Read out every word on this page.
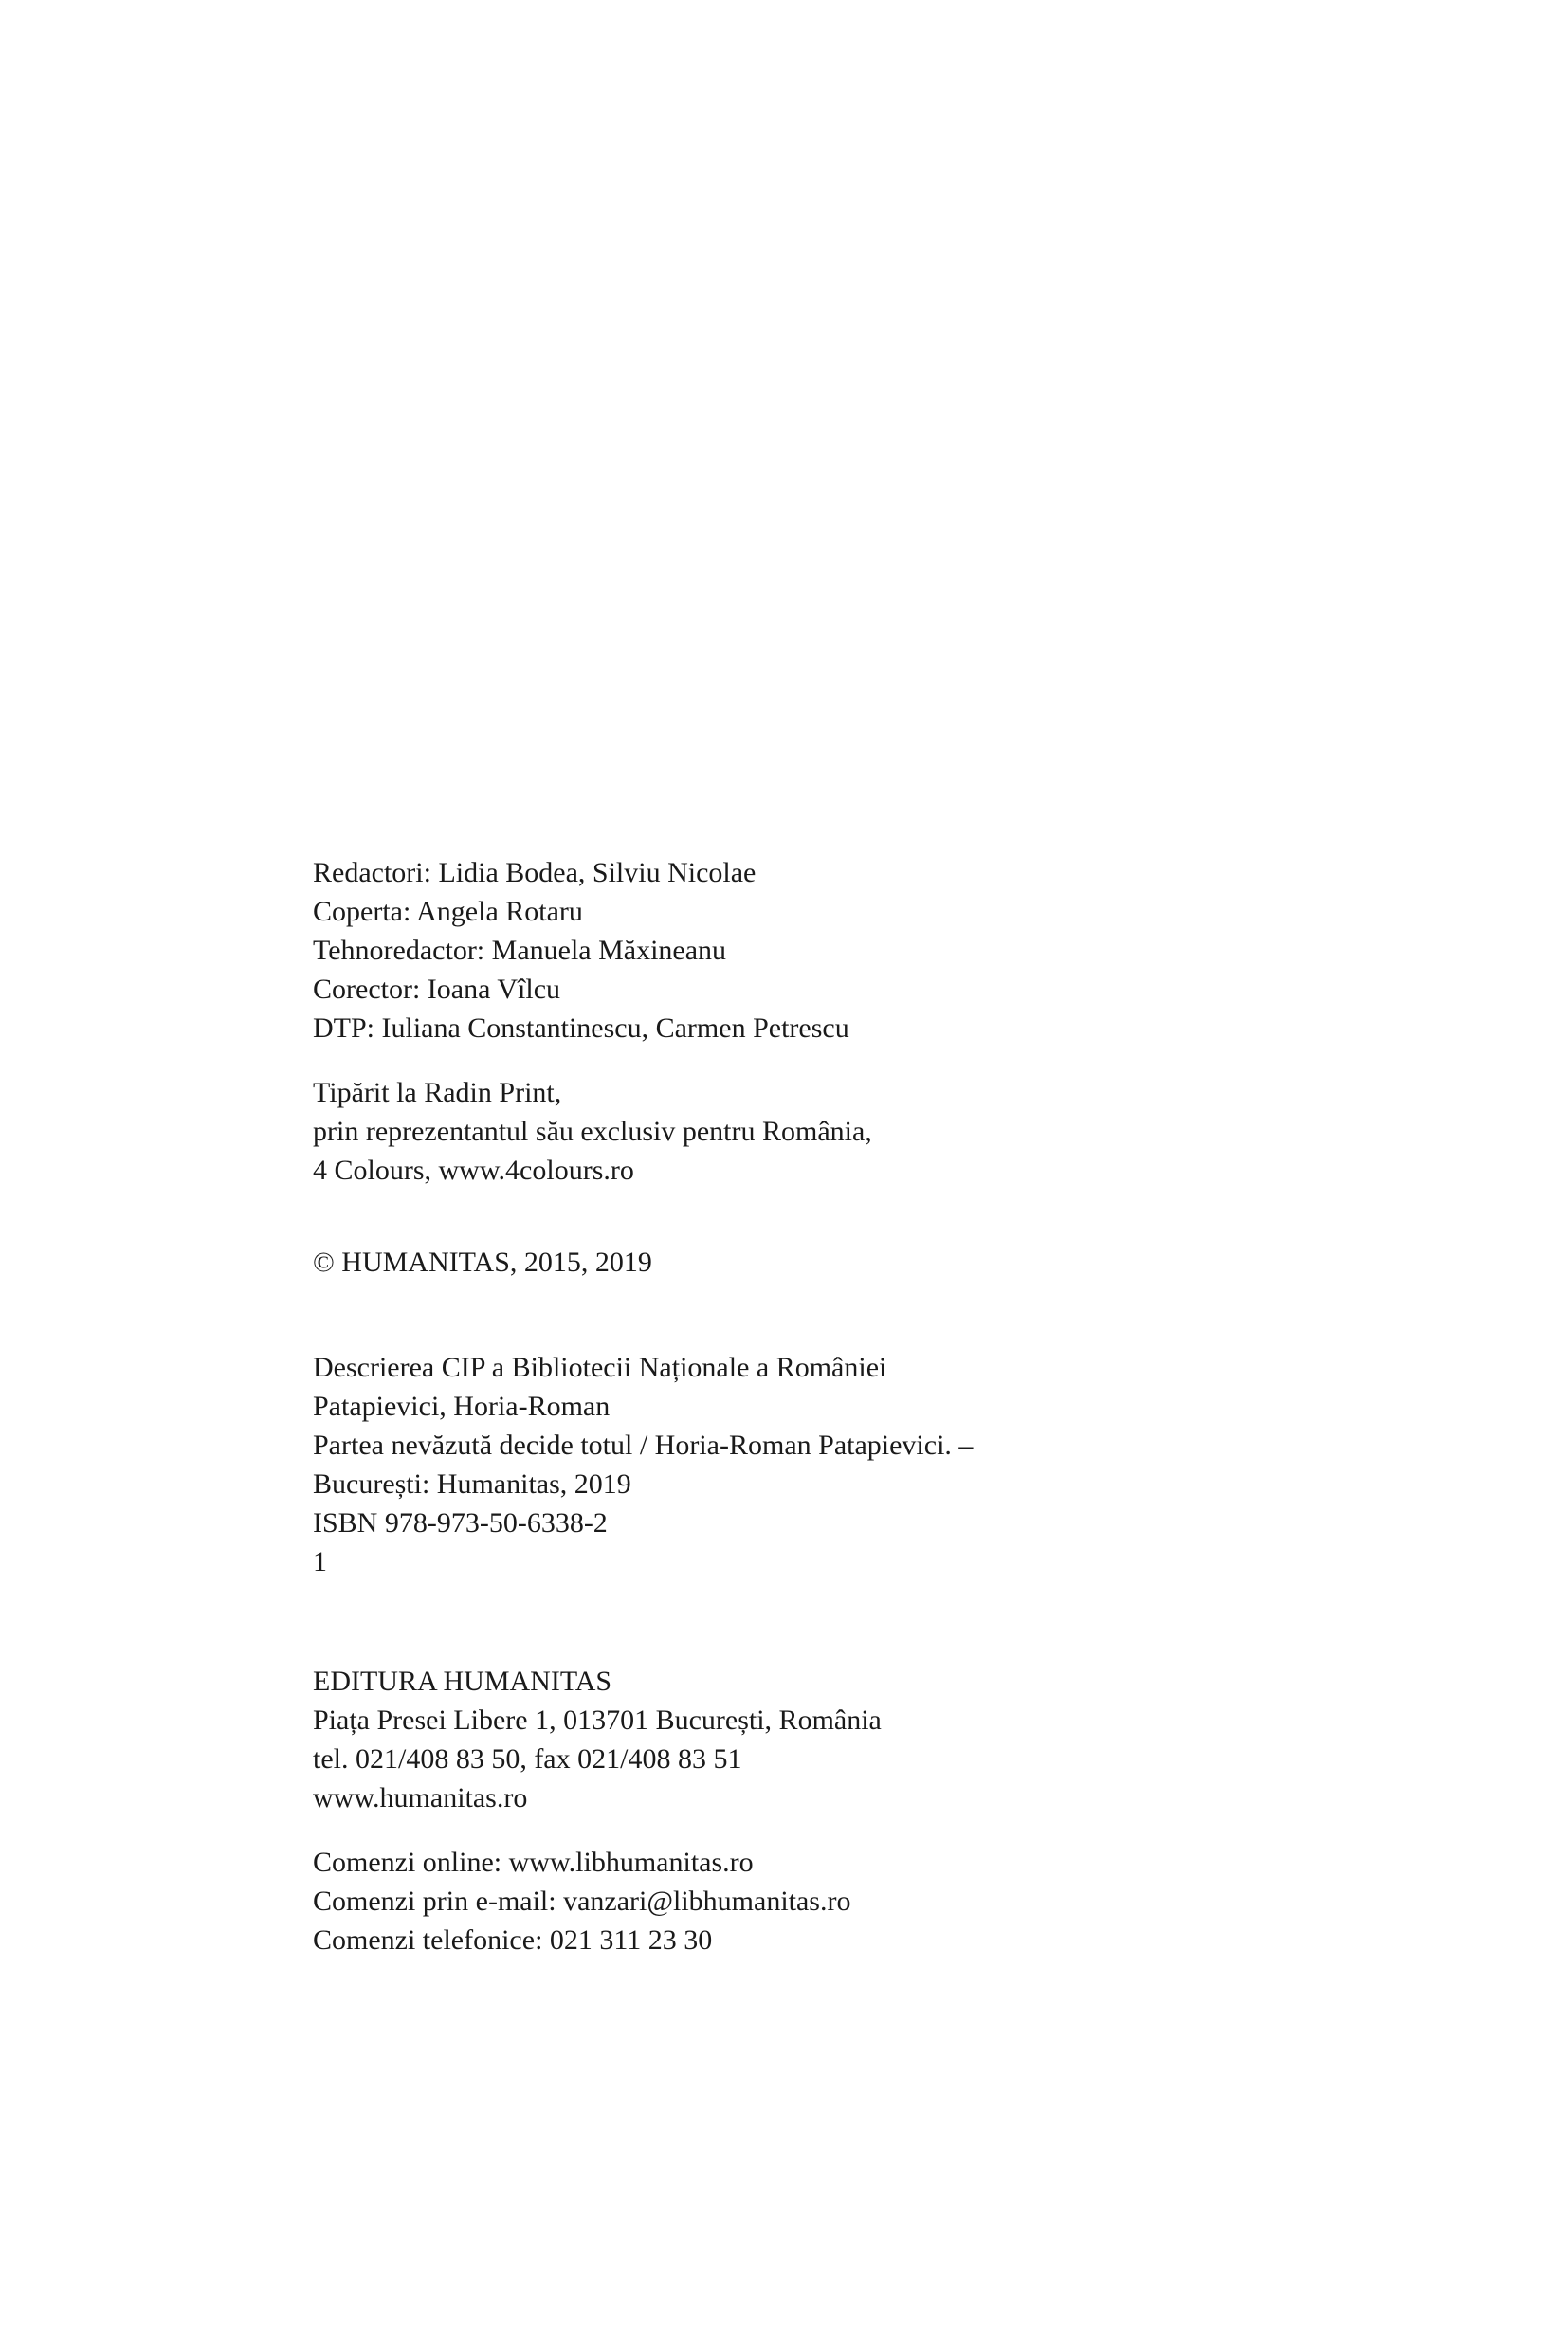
Redactori: Lidia Bodea, Silviu Nicolae
Coperta: Angela Rotaru
Tehnoredactor: Manuela Măxineanu
Corector: Ioana Vîlcu
DTP: Iuliana Constantinescu, Carmen Petrescu
Tipărit la Radin Print,
prin reprezentantul său exclusiv pentru România,
4 Colours, www.4colours.ro
© HUMANITAS, 2015, 2019
Descrierea CIP a Bibliotecii Naționale a României
Patapievici, Horia-Roman
Partea nevăzută decide totul / Horia-Roman Patapievici. –
București: Humanitas, 2019
ISBN 978-973-50-6338-2
1
EDITURA HUMANITAS
Piața Presei Libere 1, 013701 București, România
tel. 021/408 83 50, fax 021/408 83 51
www.humanitas.ro
Comenzi online: www.libhumanitas.ro
Comenzi prin e-mail: vanzari@libhumanitas.ro
Comenzi telefonice: 021 311 23 30
